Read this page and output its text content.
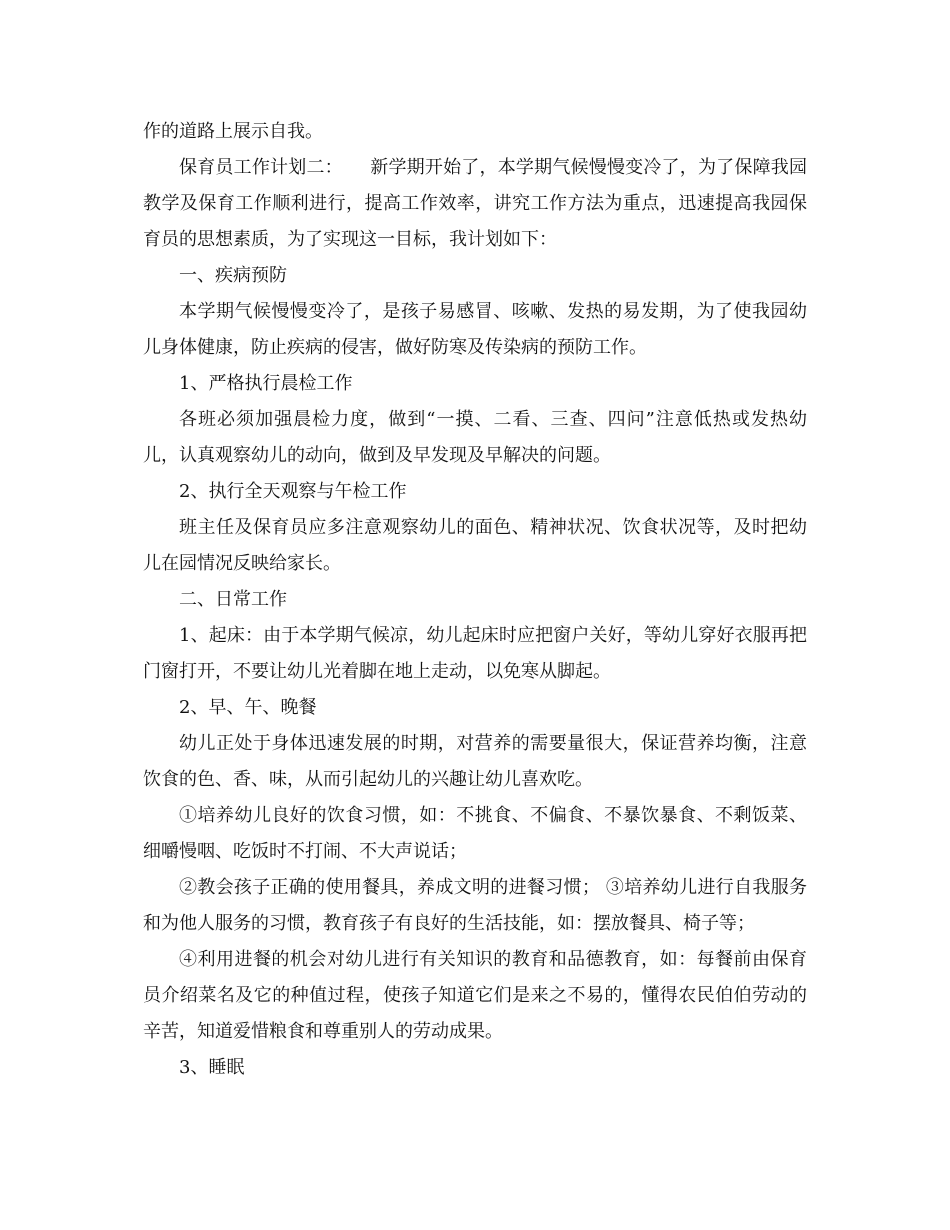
作的道路上展示自我。

保育员工作计划二：　　新学期开始了，本学期气候慢慢变冷了，为了保障我园教学及保育工作顺利进行，提高工作效率，讲究工作方法为重点，迅速提高我园保育员的思想素质，为了实现这一目标，我计划如下：

一、疾病预防

本学期气候慢慢变冷了，是孩子易感冒、咳嗽、发热的易发期，为了使我园幼儿身体健康，防止疾病的侵害，做好防寒及传染病的预防工作。

1、严格执行晨检工作

各班必须加强晨检力度，做到“一摸、二看、三查、四问”注意低热或发热幼儿，认真观察幼儿的动向，做到及早发现及早解决的问题。

2、执行全天观察与午检工作

班主任及保育员应多注意观察幼儿的面色、精神状况、饮食状况等，及时把幼儿在园情况反映给家长。

二、日常工作

1、起床：由于本学期气候凉，幼儿起床时应把窗户关好，等幼儿穿好衣服再把门窗打开，不要让幼儿光着脚在地上走动，以免寒从脚起。

2、早、午、晚餐

幼儿正处于身体迅速发展的时期，对营养的需要量很大，保证营养均衡，注意饮食的色、香、味，从而引起幼儿的兴趣让幼儿喜欢吃。

①培养幼儿良好的饮食习惯，如：不挑食、不偏食、不暴饮暴食、不剩饭菜、细嚼慢咽、吃饭时不打闹、不大声说话；

②教会孩子正确的使用餐具，养成文明的进餐习惯； ③培养幼儿进行自我服务和为他人服务的习惯，教育孩子有良好的生活技能，如：摆放餐具、椅子等；

④利用进餐的机会对幼儿进行有关知识的教育和品德教育，如：每餐前由保育员介绍菜名及它的种值过程，使孩子知道它们是来之不易的，懂得农民伯伯劳动的辛苦，知道爱惜粮食和尊重别人的劳动成果。

3、睡眠
